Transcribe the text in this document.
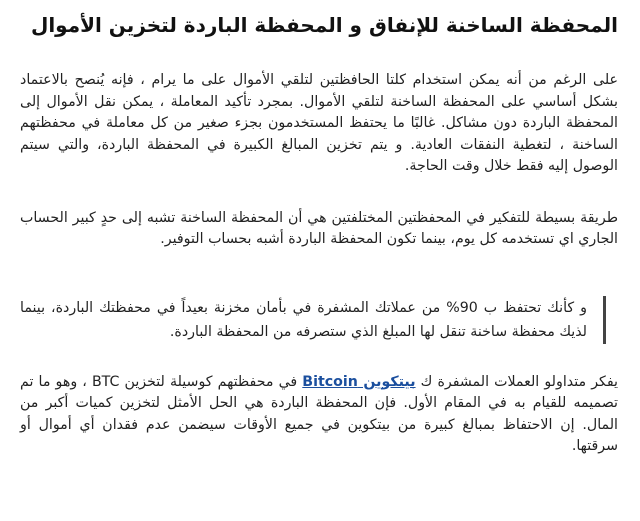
المحفظة الساخنة للإنفاق و المحفظة الباردة لتخزين الأموال

على الرغم من أنه يمكن استخدام كلتا الحافظتين لتلقي الأموال على ما يرام ، فإنه يُنصح بالاعتماد بشكل أساسي على المحفظة الساخنة لتلقي الأموال. بمجرد تأكيد المعاملة ، يمكن نقل الأموال إلى المحفظة الباردة دون مشاكل. غالبًا ما يحتفظ المستخدمون بجزء صغير من كل معاملة في محفظتهم الساخنة ، لتغطية النفقات العادية. و يتم تخزين المبالغ الكبيرة في المحفظة الباردة، والتي سيتم الوصول إليه فقط خلال وقت الحاجة.

طريقة بسيطة للتفكير في المحفظتين المختلفتين هي أن المحفظة الساخنة تشبه إلى حدٍ كبير الحساب الجاري اي تستخدمه كل يوم، بينما تكون المحفظة الباردة أشبه بحساب التوفير.

و كأنك تحتفظ ب 90% من عملاتك المشفرة في بأمان مخزنة بعيداً في محفظتك الباردة، بينما لذيك محفظة ساخنة تنقل لها المبلغ الذي ستصرفه من المحفظة الباردة.

يفكر متداولو العملات المشفرة ك بيتكوين Bitcoin في محفظتهم كوسيلة لتخزين BTC ، وهو ما تم تصميمه للقيام به في المقام الأول. فإن المحفظة الباردة هي الحل الأمثل لتخزين كميات أكبر من المال. إن الاحتفاظ بمبالغ كبيرة من بيتكوين في جميع الأوقات سيضمن عدم فقدان أي أموال أو سرقتها.
